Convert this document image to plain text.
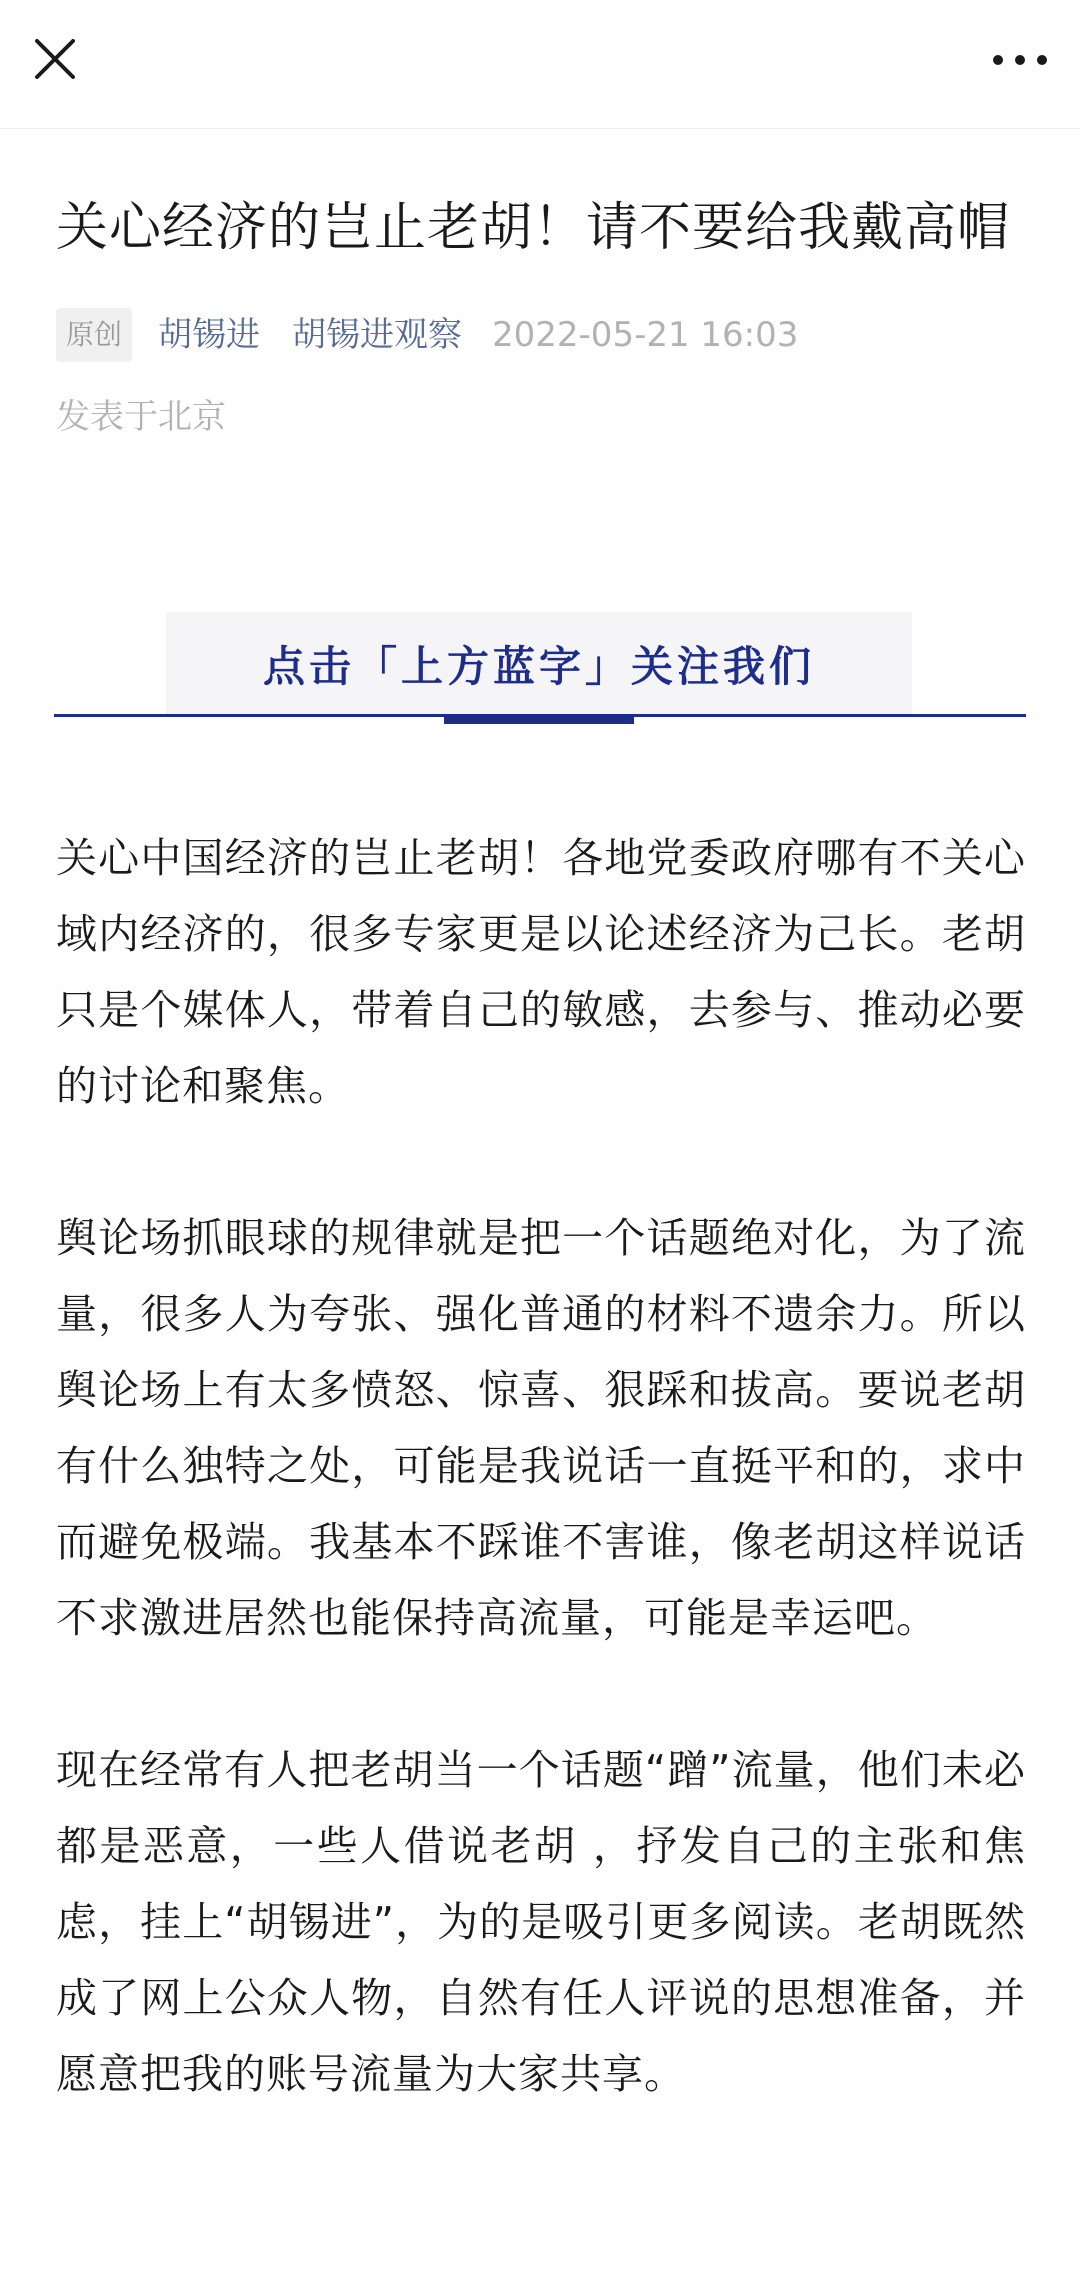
关心经济的岂止老胡！请不要给我戴高帽
原创 胡锡进 胡锡进观察 2022-05-21 16:03
发表于北京
点击「上方蓝字」关注我们

关心中国经济的岂止老胡！各地党委政府哪有不关心域内经济的，很多专家更是以论述经济为己长。老胡只是个媒体人，带着自己的敏感，去参与、推动必要的讨论和聚焦。

舆论场抓眼球的规律就是把一个话题绝对化，为了流量，很多人为夸张、强化普通的材料不遗余力。所以舆论场上有太多愤怒、惊喜、狠踩和拔高。要说老胡有什么独特之处，可能是我说话一直挺平和的，求中而避免极端。我基本不踩谁不害谁，像老胡这样说话不求激进居然也能保持高流量，可能是幸运吧。

现在经常有人把老胡当一个话题“蹭”流量，他们未必都是恶意，一些人借说老胡 ，抒发自己的主张和焦虑，挂上“胡锡进”，为的是吸引更多阅读。老胡既然成了网上公众人物，自然有任人评说的思想准备，并愿意把我的账号流量为大家共享。
